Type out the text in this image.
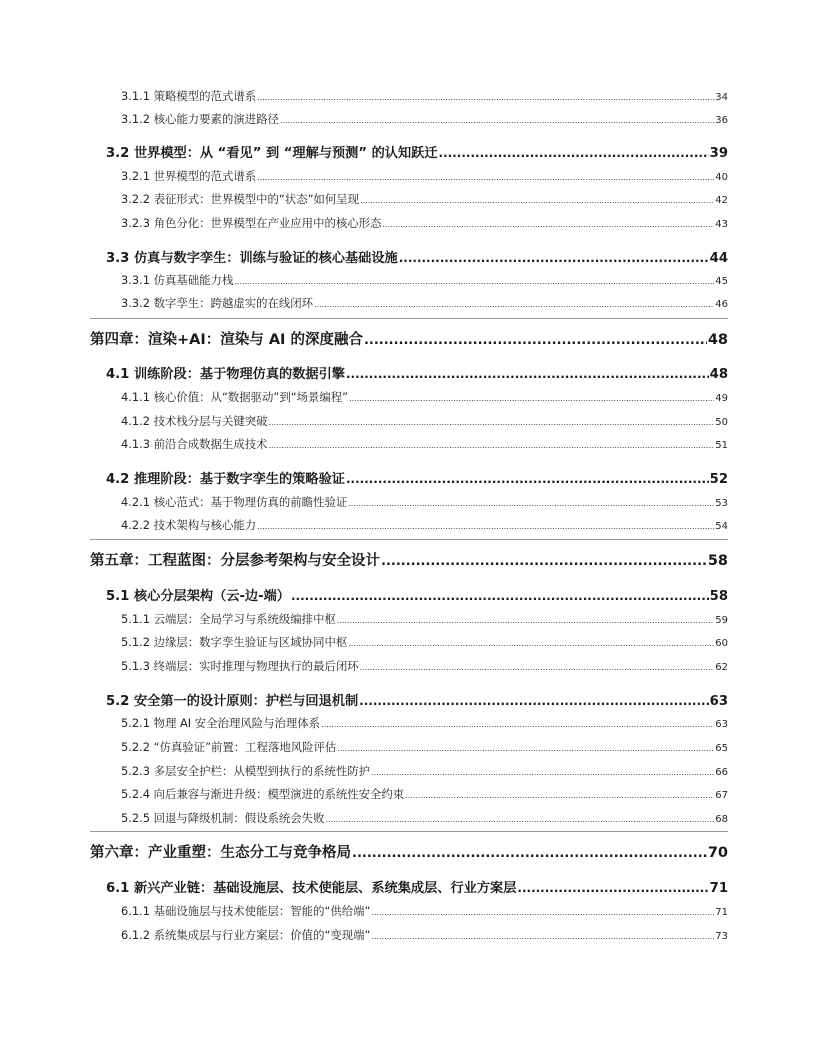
3.1.1 策略模型的范式谱系 .....	34
3.1.2 核心能力要素的演进路径 .....	36
3.2 世界模型：从 “看见” 到 “理解与预测” 的认知跃迁 .....	39
3.2.1 世界模型的范式谱系 .....	40
3.2.2 表征形式：世界模型中的“状态”如何呈现 .....	42
3.2.3 角色分化：世界模型在产业应用中的核心形态 .....	43
3.3 仿真与数字孪生：训练与验证的核心基础设施 .....	44
3.3.1 仿真基础能力栈 .....	45
3.3.2 数字孪生：跨越虚实的在线闭环 .....	46
第四章：渲染+AI：渲染与 AI 的深度融合 .....	48
4.1 训练阶段：基于物理仿真的数据引擎 .....	48
4.1.1 核心价值：从“数据驱动”到“场景编程” .....	49
4.1.2 技术栈分层与关键突破 .....	50
4.1.3 前沿合成数据生成技术 .....	51
4.2 推理阶段：基于数字孪生的策略验证 .....	52
4.2.1 核心范式：基于物理仿真的前瞻性验证 .....	53
4.2.2 技术架构与核心能力 .....	54
第五章：工程蓝图：分层参考架构与安全设计 .....	58
5.1 核心分层架构（云-边-端） .....	58
5.1.1 云端层：全局学习与系统级编排中枢 .....	59
5.1.2 边缘层：数字孪生验证与区域协同中枢 .....	60
5.1.3 终端层：实时推理与物理执行的最后闭环 .....	62
5.2 安全第一的设计原则：护栏与回退机制 .....	63
5.2.1 物理 AI 安全治理风险与治理体系 .....	63
5.2.2 “仿真验证”前置：工程落地风险评估 .....	65
5.2.3 多层安全护栏：从模型到执行的系统性防护 .....	66
5.2.4 向后兼容与渐进升级：模型演进的系统性安全约束 .....	67
5.2.5 回退与降级机制：假设系统会失败 .....	68
第六章：产业重塑：生态分工与竞争格局 .....	70
6.1 新兴产业链：基础设施层、技术使能层、系统集成层、行业方案层 .....	71
6.1.1 基础设施层与技术使能层：智能的“供给端” .....	71
6.1.2 系统集成层与行业方案层：价值的“变现端” .....	73
